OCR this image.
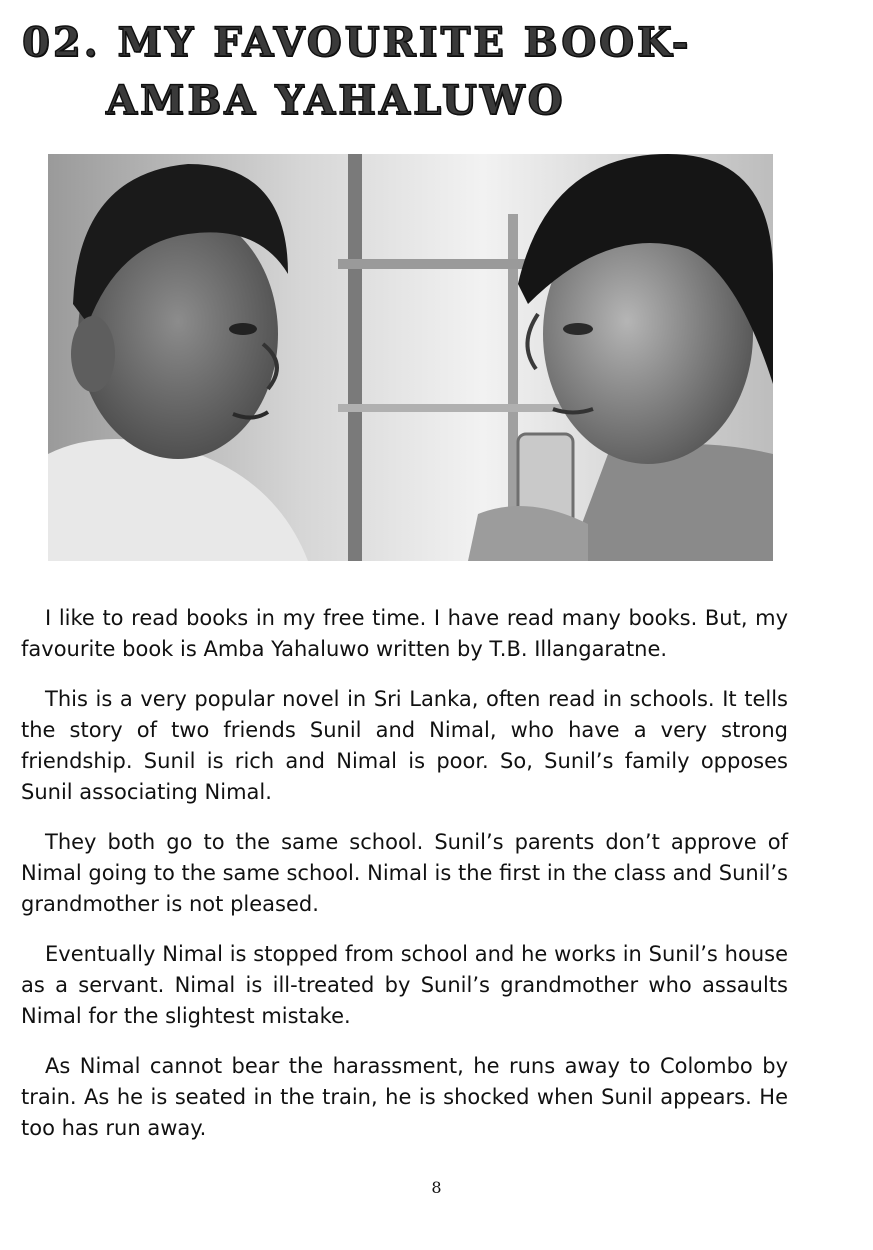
02. MY FAVOURITE BOOK-
AMBA YAHALUWO

I like to read books in my free time. I have read many books. But, my favourite book is Amba Yahaluwo written by T.B. Illangaratne.

This is a very popular novel in Sri Lanka, often read in schools. It tells the story of two friends Sunil and Nimal, who have a very strong friendship. Sunil is rich and Nimal is poor. So, Sunil’s family opposes Sunil associating Nimal.

They both go to the same school. Sunil’s parents don’t approve of Nimal going to the same school. Nimal is the first in the class and Sunil’s grandmother is not pleased.

Eventually Nimal is stopped from school and he works in Sunil’s house as a servant. Nimal is ill-treated by Sunil’s grandmother who assaults Nimal for the slightest mistake.

As Nimal cannot bear the harassment, he runs away to Colombo by train. As he is seated in the train, he is shocked when Sunil appears. He too has run away.

8
